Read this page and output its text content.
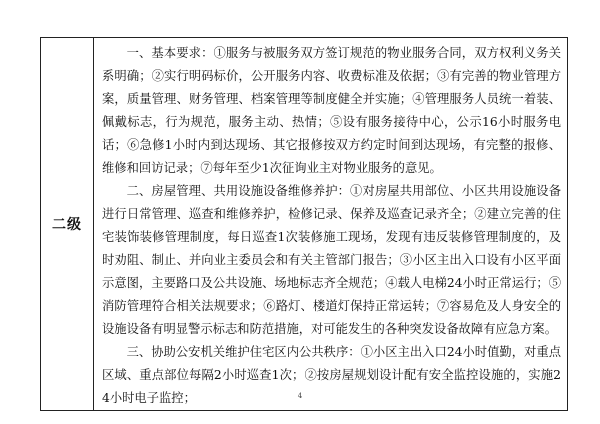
二级	

一、基本要求：①服务与被服务双方签订规范的物业服务合同，双方权利义务关系明确；②实行明码标价，公开服务内容、收费标准及依据；③有完善的物业管理方案，质量管理、财务管理、档案管理等制度健全并实施；④管理服务人员统一着装、佩戴标志，行为规范，服务主动、热情；⑤设有服务接待中心，公示16小时服务电话；⑥急修1小时内到达现场、其它报修按双方约定时间到达现场，有完整的报修、维修和回访记录；⑦每年至少1次征询业主对物业服务的意见。

二、房屋管理、共用设施设备维修养护：①对房屋共用部位、小区共用设施设备进行日常管理、巡查和维修养护，检修记录、保养及巡查记录齐全；②建立完善的住宅装饰装修管理制度，每日巡查1次装修施工现场，发现有违反装修管理制度的，及时劝阻、制止、并向业主委员会和有关主管部门报告；③小区主出入口设有小区平面示意图，主要路口及公共设施、场地标志齐全规范；④载人电梯24小时正常运行；⑤消防管理符合相关法规要求；⑥路灯、楼道灯保持正常运转；⑦容易危及人身安全的设施设备有明显警示标志和防范措施，对可能发生的各种突发设备故障有应急方案。

三、协助公安机关维护住宅区内公共秩序：①小区主出入口24小时值勤，对重点区域、重点部位每隔2小时巡查1次；②按房屋规划设计配有安全监控设施的，实施24小时电子监控；	4
